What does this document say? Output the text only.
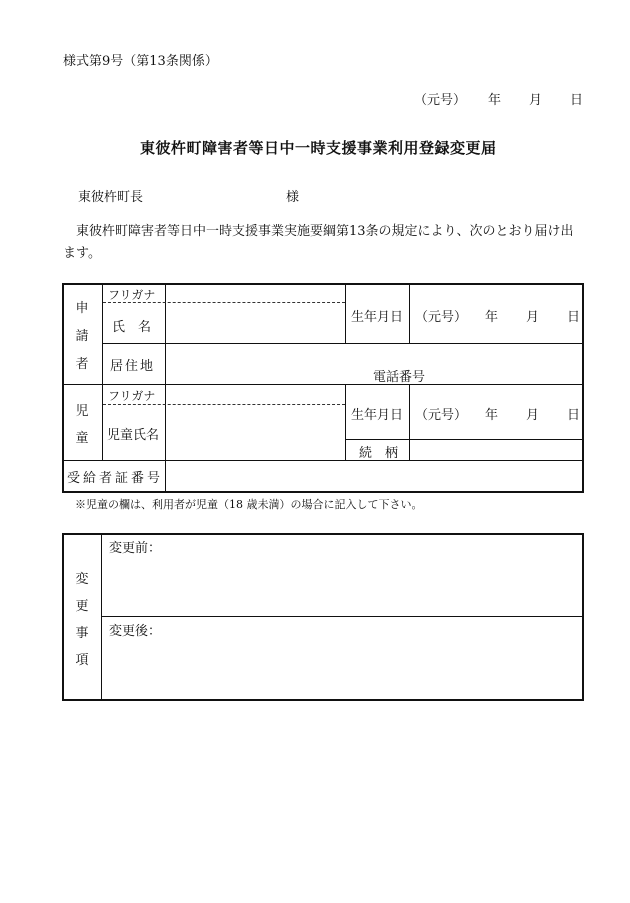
様式第9号（第13条関係）
（元号） 年 月 日
東彼杵町障害者等日中一時支援事業利用登録変更届
東彼杵町長	様
東彼杵町障害者等日中一時支援事業実施要綱第13条の規定により、次のとおり届け出ます。
申
請
者
フリガナ
氏　名
生年月日 （元号） 年 月 日
居住地
電話番号
児
童
フリガナ
児童氏名
生年月日 （元号） 年 月 日
続　柄
受給者証番号
※児童の欄は、利用者が児童（18 歳未満）の場合に記入して下さい。
変
更
事
項
変更前：
変更後：
